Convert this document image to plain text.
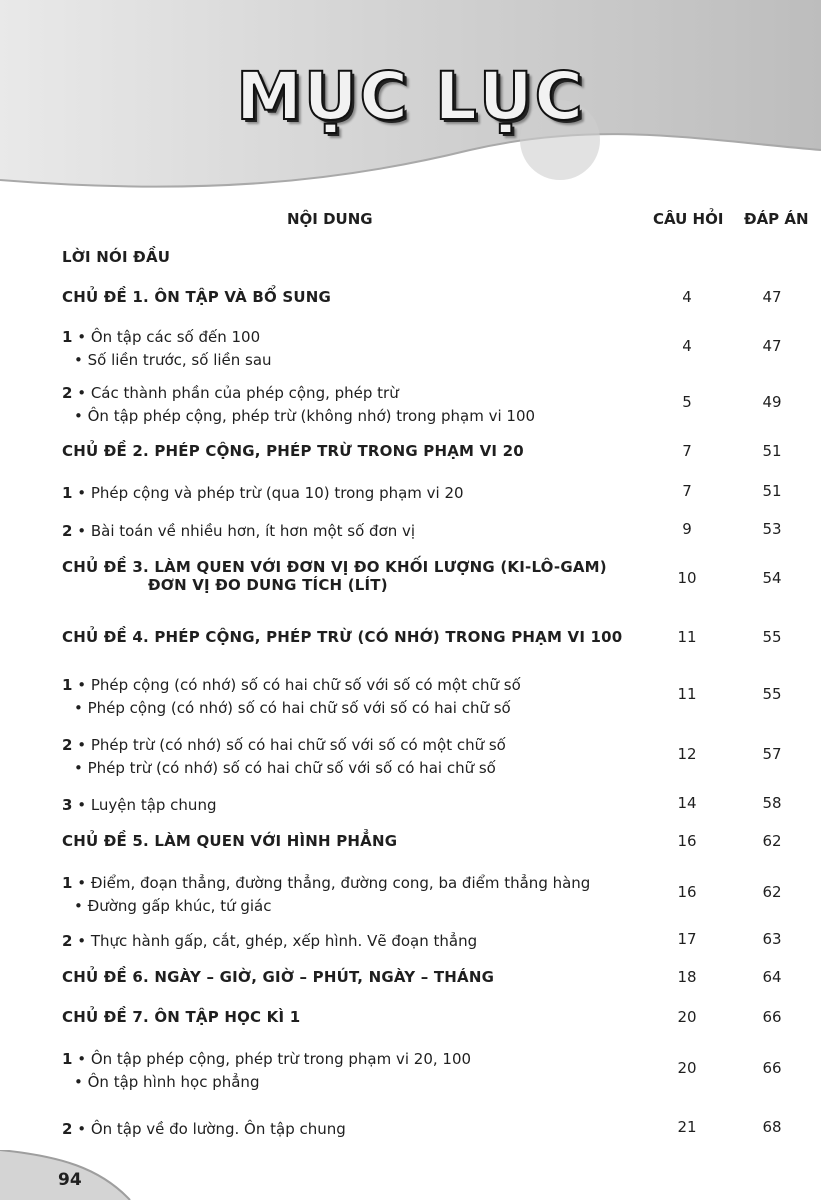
MỤC LỤC
NỘI DUNG	CÂU HỎI ĐÁP ÁN
LỜI NÓI ĐẦU
CHỦ ĐỀ 1. ÔN TẬP VÀ BỔ SUNG	4	47
1 • Ôn tập các số đến 100
• Số liền trước, số liền sau
4	47
2 • Các thành phần của phép cộng, phép trừ
• Ôn tập phép cộng, phép trừ (không nhớ) trong phạm vi 100
5	49
CHỦ ĐỀ 2. PHÉP CỘNG, PHÉP TRỪ TRONG PHẠM VI 20	7	51
1 • Phép cộng và phép trừ (qua 10) trong phạm vi 20	7	51
2 • Bài toán về nhiều hơn, ít hơn một số đơn vị	9	53
CHỦ ĐỀ 3. LÀM QUEN VỚI ĐƠN VỊ ĐO KHỐI LƯỢNG (KI-LÔ-GAM)
ĐƠN VỊ ĐO DUNG TÍCH (LÍT)	10	54
CHỦ ĐỀ 4. PHÉP CỘNG, PHÉP TRỪ (CÓ NHỚ) TRONG PHẠM VI 100	11	55
1 • Phép cộng (có nhớ) số có hai chữ số với số có một chữ số
• Phép cộng (có nhớ) số có hai chữ số với số có hai chữ số
11	55
2 • Phép trừ (có nhớ) số có hai chữ số với số có một chữ số
• Phép trừ (có nhớ) số có hai chữ số với số có hai chữ số
12	57
3 • Luyện tập chung	14	58
CHỦ ĐỀ 5. LÀM QUEN VỚI HÌNH PHẲNG	16	62
1 • Điểm, đoạn thẳng, đường thẳng, đường cong, ba điểm thẳng hàng
• Đường gấp khúc, tứ giác
16	62
2 • Thực hành gấp, cắt, ghép, xếp hình. Vẽ đoạn thẳng	17	63
CHỦ ĐỀ 6. NGÀY – GIỜ, GIỜ – PHÚT, NGÀY – THÁNG	18	64
CHỦ ĐỀ 7. ÔN TẬP HỌC KÌ 1	20	66
1 • Ôn tập phép cộng, phép trừ trong phạm vi 20, 100
• Ôn tập hình học phẳng
20	66
2 • Ôn tập về đo lường. Ôn tập chung	21	68
94
